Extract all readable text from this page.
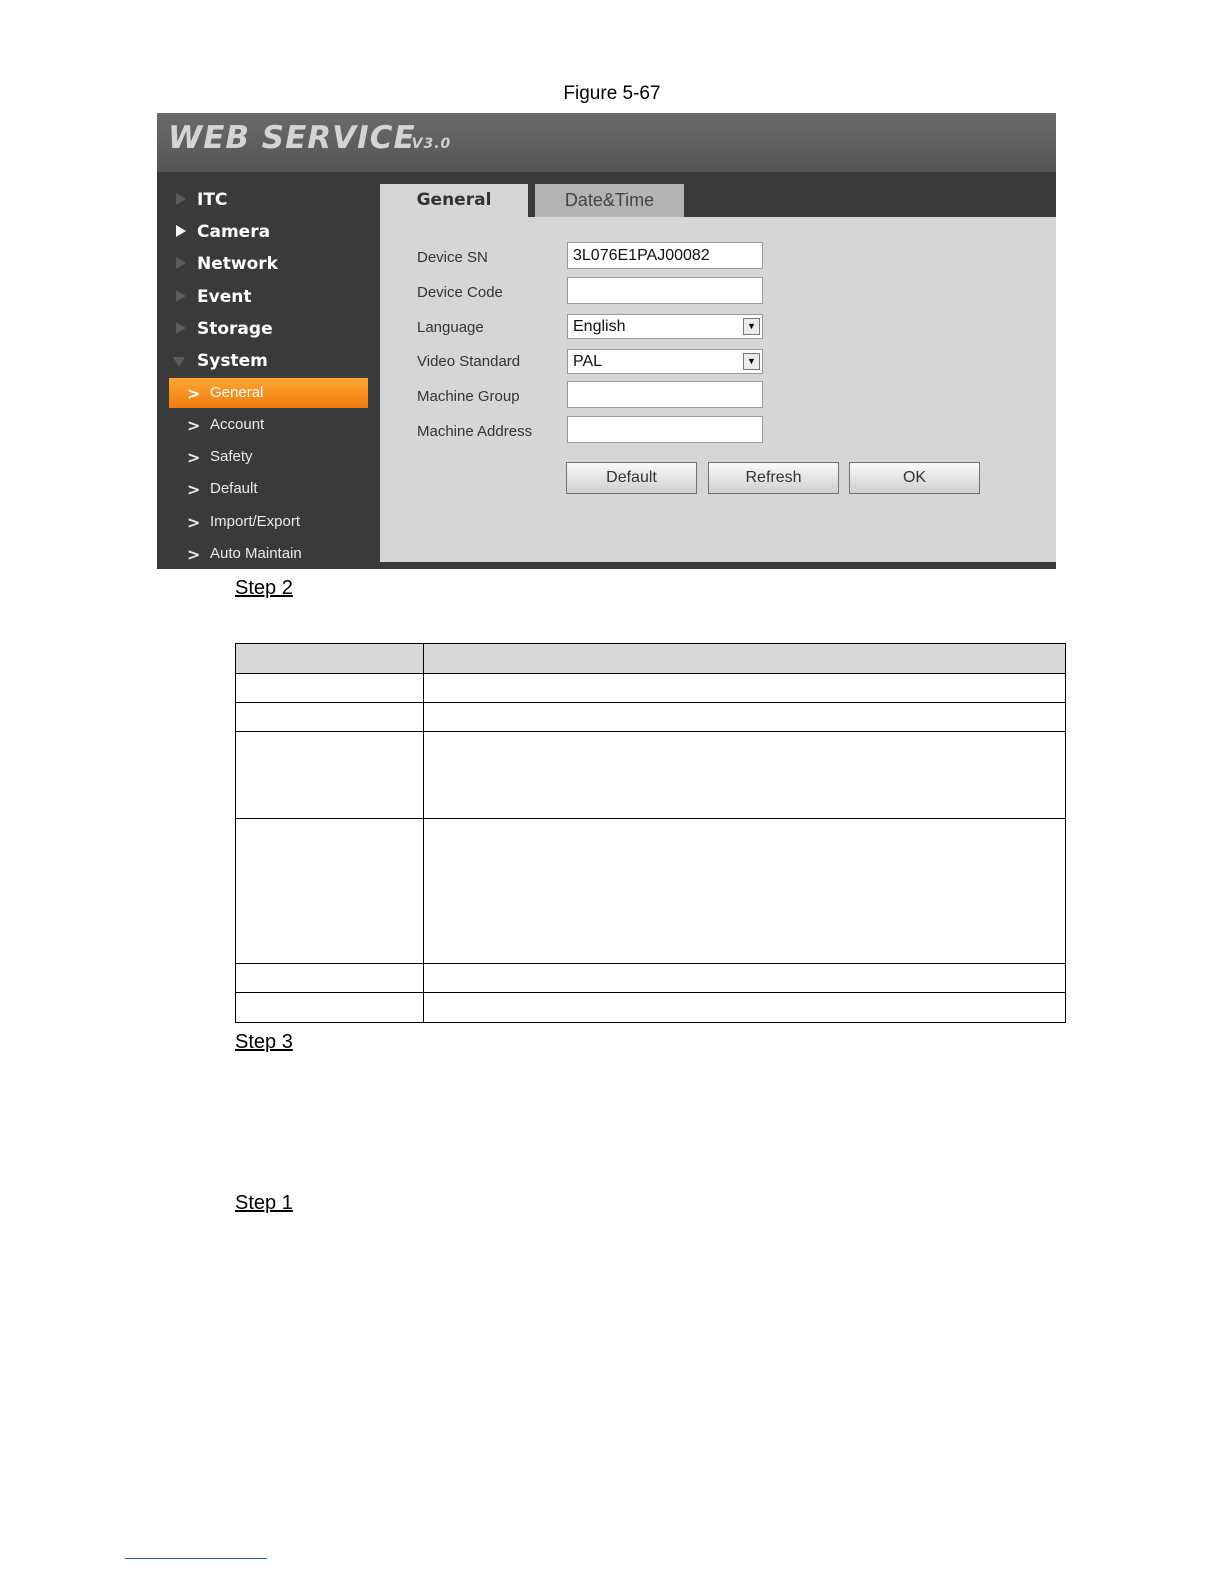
Figure 5-67
WEB SERVICEV3.0
ITC
Camera
Network
Event
Storage
System
> General
> Account
> Safety
> Default
> Import/Export
> Auto Maintain
Device SN	3L076E1PAJ00082
Device Code
Language	English	▼
Video Standard	PAL	▼
Machine Group
Machine Address
Default	Refresh	OK
General	Date&Time
Step 2

Step 3
Step 1
